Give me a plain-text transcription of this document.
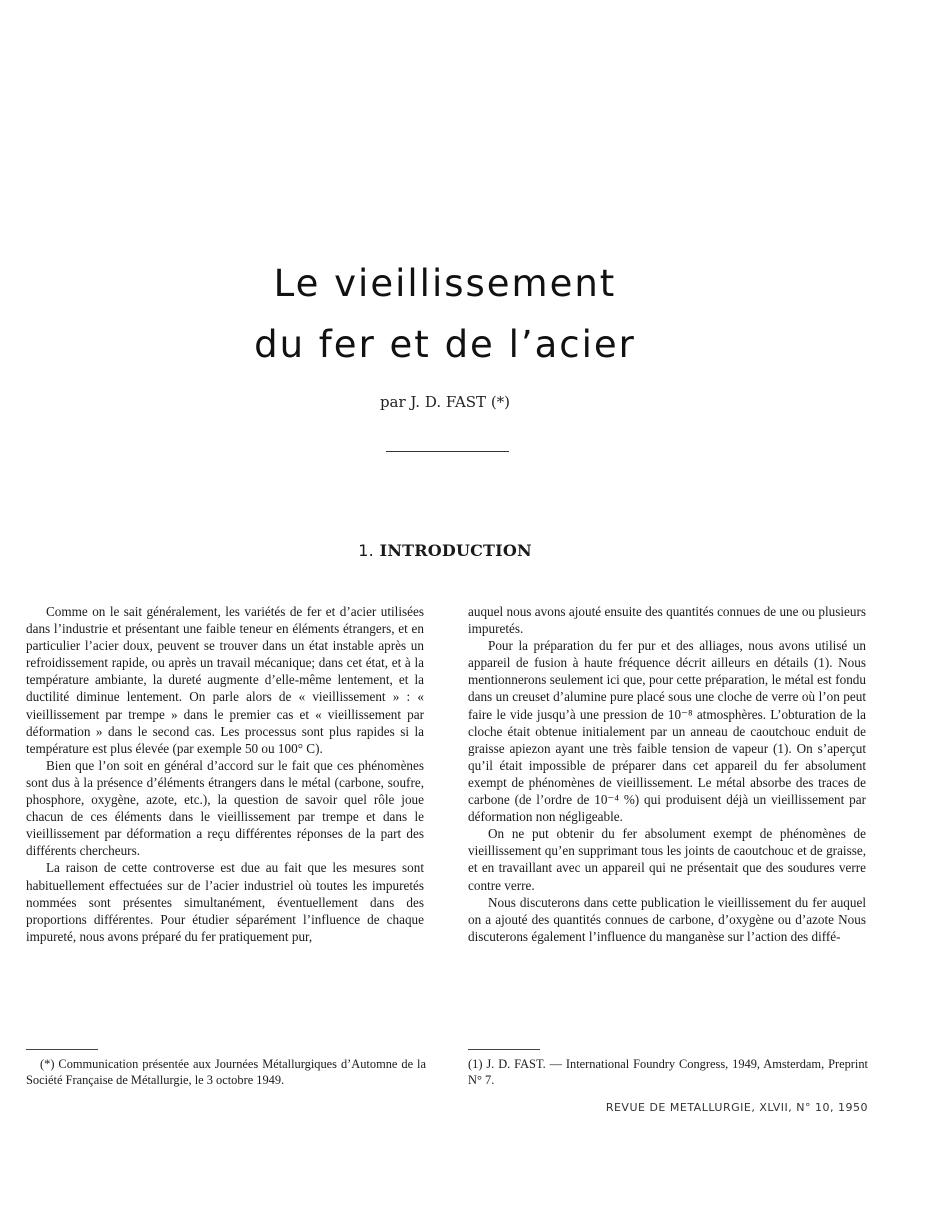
Le vieillissement
du fer et de l’acier
par J. D. FAST (*)
1. INTRODUCTION

Comme on le sait généralement, les variétés de fer et d’acier utilisées dans l’industrie et présentant une faible teneur en éléments étrangers, et en particulier l’acier doux, peuvent se trouver dans un état instable après un refroidissement rapide, ou après un travail mécanique; dans cet état, et à la température ambiante, la dureté augmente d’elle-même lentement, et la ductilité diminue lentement. On parle alors de « vieillissement » : « vieillissement par trempe » dans le premier cas et « vieillissement par déformation » dans le second cas. Les processus sont plus rapides si la température est plus élevée (par exemple 50 ou 100° C).

Bien que l’on soit en général d’accord sur le fait que ces phénomènes sont dus à la présence d’éléments étrangers dans le métal (carbone, soufre, phosphore, oxygène, azote, etc.), la question de savoir quel rôle joue chacun de ces éléments dans le vieillissement par trempe et dans le vieillissement par déformation a reçu différentes réponses de la part des différents chercheurs.

La raison de cette controverse est due au fait que les mesures sont habituellement effectuées sur de l’acier industriel où toutes les impuretés nommées sont présentes simultanément, éventuellement dans des proportions différentes. Pour étudier séparément l’influence de chaque impureté, nous avons préparé du fer pratiquement pur,

auquel nous avons ajouté ensuite des quantités connues de une ou plusieurs impuretés.

Pour la préparation du fer pur et des alliages, nous avons utilisé un appareil de fusion à haute fréquence décrit ailleurs en détails (1). Nous mentionnerons seulement ici que, pour cette préparation, le métal est fondu dans un creuset d’alumine pure placé sous une cloche de verre où l’on peut faire le vide jusqu’à une pression de 10⁻⁸ atmosphères. L’obturation de la cloche était obtenue initialement par un anneau de caoutchouc enduit de graisse apiezon ayant une très faible tension de vapeur (1). On s’aperçut qu’il était impossible de préparer dans cet appareil du fer absolument exempt de phénomènes de vieillissement. Le métal absorbe des traces de carbone (de l’ordre de 10⁻⁴ %) qui produisent déjà un vieillissement par déformation non négligeable.

On ne put obtenir du fer absolument exempt de phénomènes de vieillissement qu’en supprimant tous les joints de caoutchouc et de graisse, et en travaillant avec un appareil qui ne présentait que des soudures verre contre verre.

Nous discuterons dans cette publication le vieillissement du fer auquel on a ajouté des quantités connues de carbone, d’oxygène ou d’azote Nous discuterons également l’influence du manganèse sur l’action des diffé-

(*) Communication présentée aux Journées Métallurgiques d’Automne de la Société Française de Métallurgie, le 3 octobre 1949.
(1) J. D. FAST. — International Foundry Congress, 1949, Amsterdam, Preprint N° 7.
REVUE DE METALLURGIE, XLVII, N° 10, 1950
